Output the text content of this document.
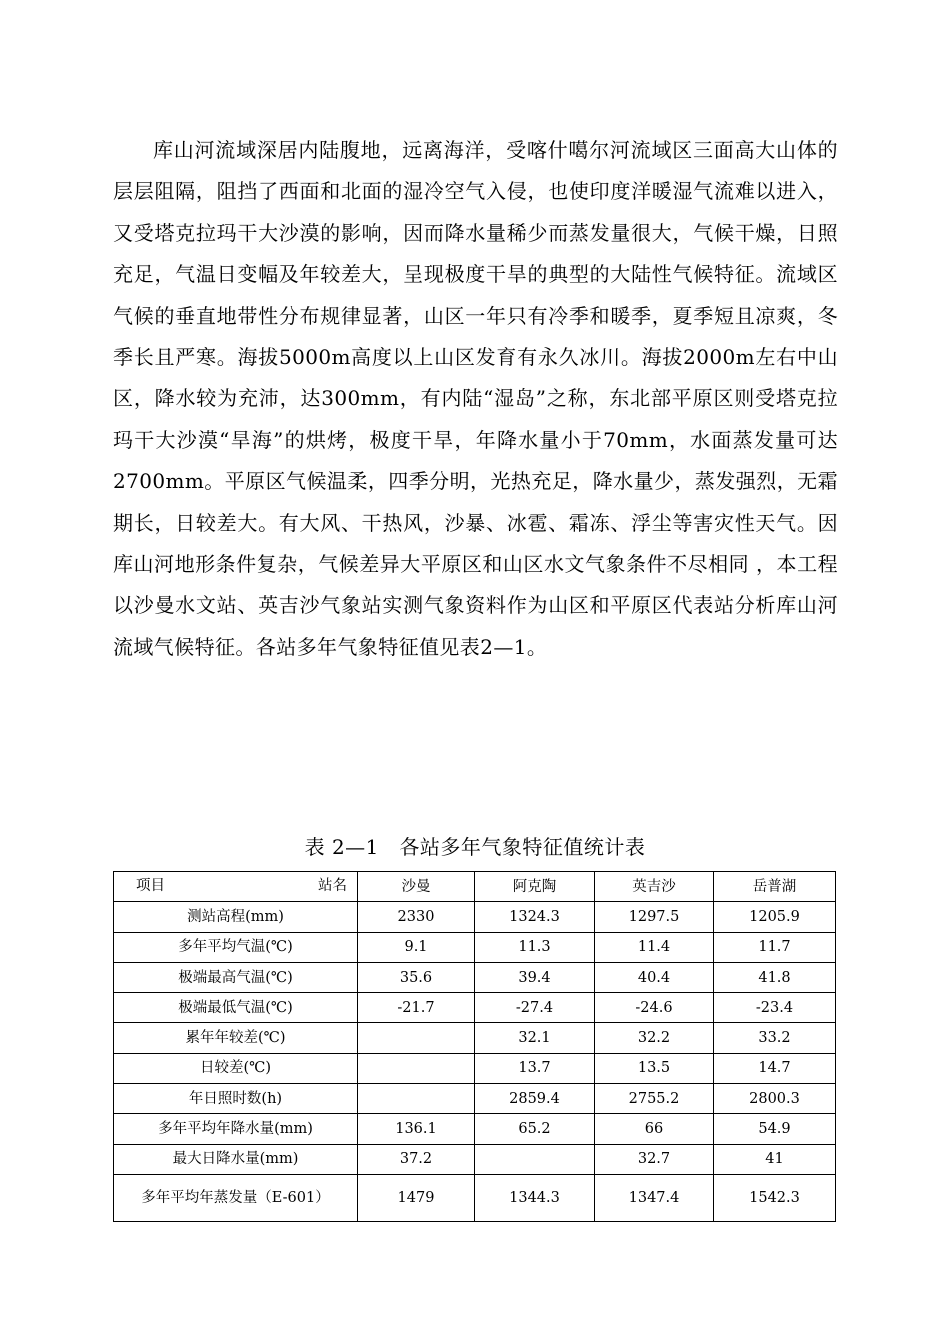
库山河流域深居内陆腹地，远离海洋，受喀什噶尔河流域区三面高大山体的层层阻隔，阻挡了西面和北面的湿冷空气入侵，也使印度洋暖湿气流难以进入，又受塔克拉玛干大沙漠的影响，因而降水量稀少而蒸发量很大，气候干燥，日照充足，气温日变幅及年较差大，呈现极度干旱的典型的大陆性气候特征。流域区气候的垂直地带性分布规律显著，山区一年只有冷季和暖季，夏季短且凉爽，冬季长且严寒。海拔5000m高度以上山区发育有永久冰川。海拔2000m左右中山区，降水较为充沛，达300mm，有内陆“湿岛”之称，东北部平原区则受塔克拉玛干大沙漠“旱海”的烘烤，极度干旱，年降水量小于70mm，水面蒸发量可达2700mm。平原区气候温柔，四季分明，光热充足，降水量少，蒸发强烈，无霜期长，日较差大。有大风、干热风，沙暴、冰雹、霜冻、浮尘等害灾性天气。因库山河地形条件复杂，气候差异大平原区和山区水文气象条件不尽相同 ，本工程以沙曼水文站、英吉沙气象站实测气象资料作为山区和平原区代表站分析库山河流域气候特征。各站多年气象特征值见表2—1。

表 2—1　各站多年气象特征值统计表
项目 站名	沙曼	阿克陶	英吉沙	岳普湖
测站高程(mm)	2330	1324.3	1297.5	1205.9
多年平均气温(℃)	9.1	11.3	11.4	11.7
极端最高气温(℃)	35.6	39.4	40.4	41.8
极端最低气温(℃)	-21.7	-27.4	-24.6	-23.4
累年年较差(℃)		32.1	32.2	33.2
日较差(℃)		13.7	13.5	14.7
年日照时数(h)		2859.4	2755.2	2800.3
多年平均年降水量(mm)	136.1	65.2	66	54.9
最大日降水量(mm)	37.2		32.7	41
多年平均年蒸发量（E-601）	1479	1344.3	1347.4	1542.3
